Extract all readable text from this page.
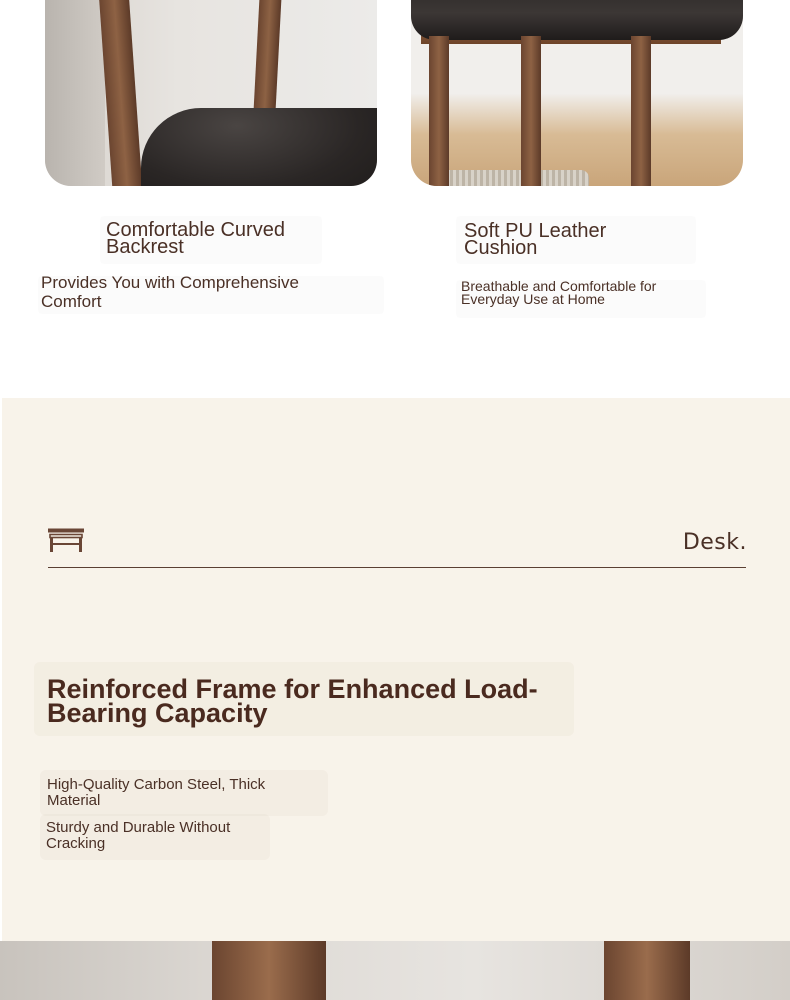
Comfortable Curved Backrest
Provides You with Comprehensive Comfort
Soft PU Leather Cushion
Breathable and Comfortable for Everyday Use at Home
Desk.
Reinforced Frame for Enhanced Load-Bearing Capacity
High-Quality Carbon Steel, Thick Material
Sturdy and Durable Without Cracking
